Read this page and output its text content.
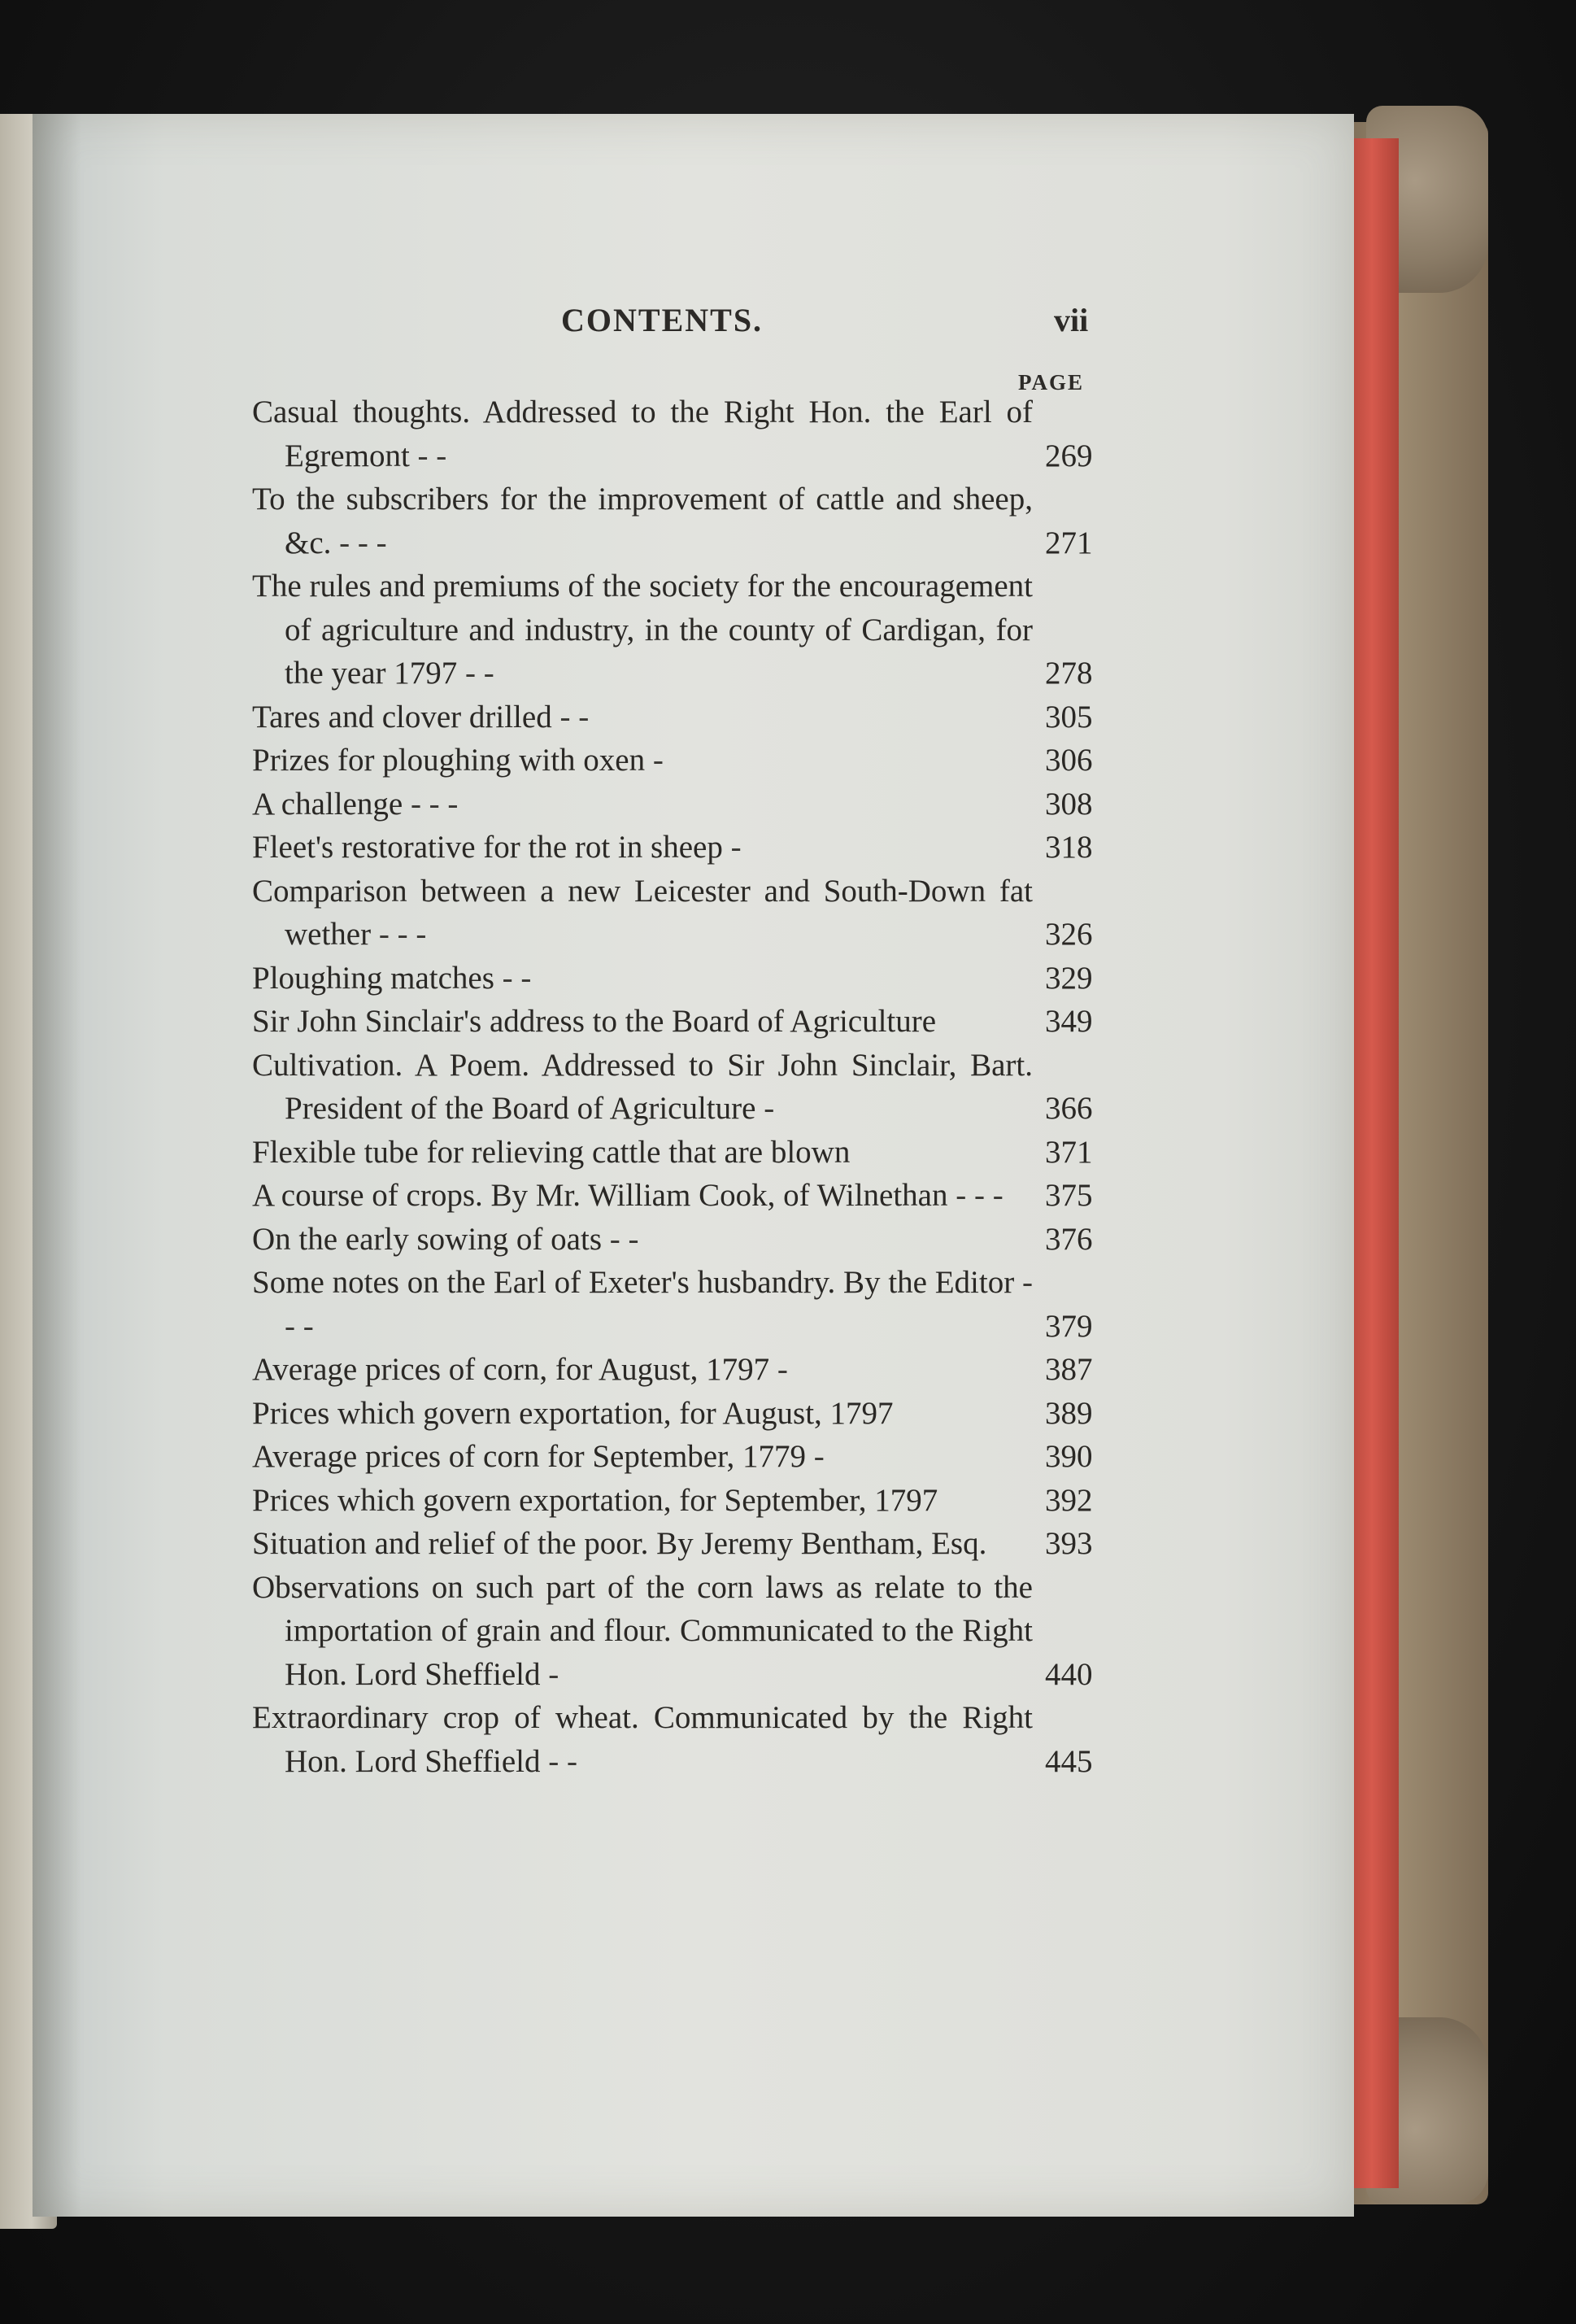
CONTENTS.	vii
PAGE
Casual thoughts. Addressed to the Right Hon. the Earl of Egremont - -	269
To the subscribers for the improvement of cattle and sheep, &c. - - -	271
The rules and premiums of the society for the encouragement of agriculture and industry, in the county of Cardigan, for the year 1797 - -	278
Tares and clover drilled - -	305
Prizes for ploughing with oxen -	306
A challenge - - -	308
Fleet's restorative for the rot in sheep -	318
Comparison between a new Leicester and South-Down fat wether - - -	326
Ploughing matches - -	329
Sir John Sinclair's address to the Board of Agriculture	349
Cultivation. A Poem. Addressed to Sir John Sinclair, Bart. President of the Board of Agriculture -	366
Flexible tube for relieving cattle that are blown	371
A course of crops. By Mr. William Cook, of Wilnethan - - -	375
On the early sowing of oats - -	376
Some notes on the Earl of Exeter's husbandry. By the Editor - - -	379
Average prices of corn, for August, 1797 -	387
Prices which govern exportation, for August, 1797	389
Average prices of corn for September, 1779 -	390
Prices which govern exportation, for September, 1797	392
Situation and relief of the poor. By Jeremy Bentham, Esq.	393
Observations on such part of the corn laws as relate to the importation of grain and flour. Communicated to the Right Hon. Lord Sheffield -	440
Extraordinary crop of wheat. Communicated by the Right Hon. Lord Sheffield - -	445
